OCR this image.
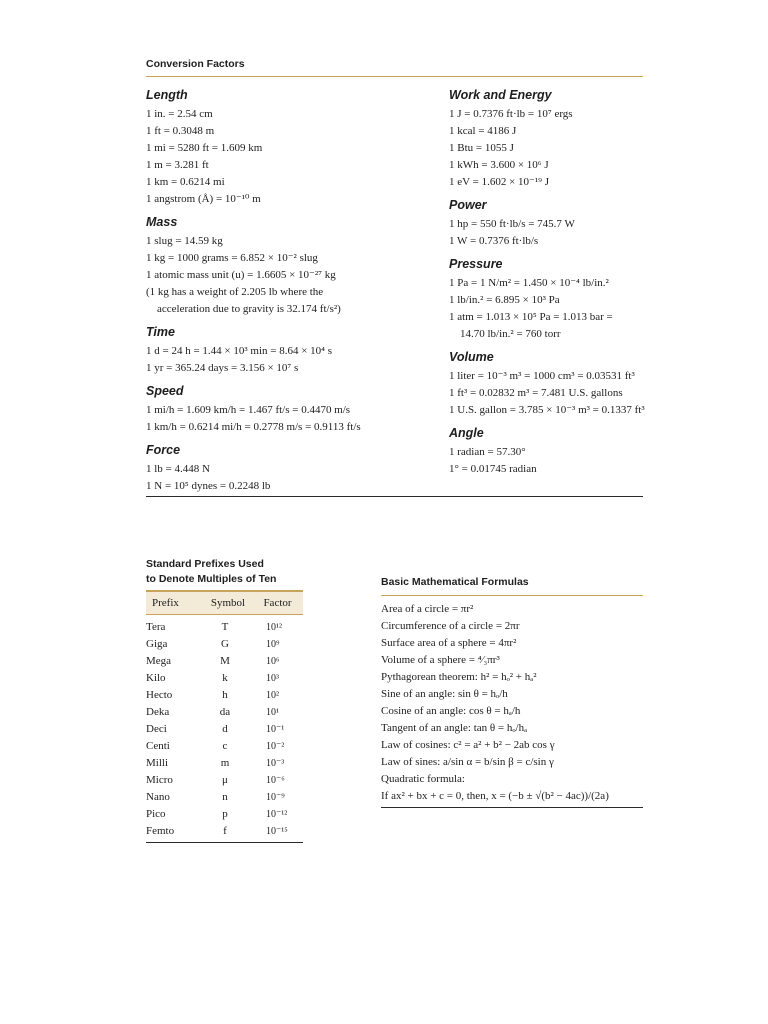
Conversion Factors
Length
1 in. = 2.54 cm
1 ft = 0.3048 m
1 mi = 5280 ft = 1.609 km
1 m = 3.281 ft
1 km = 0.6214 mi
1 angstrom (Å) = 10⁻¹⁰ m
Mass
1 slug = 14.59 kg
1 kg = 1000 grams = 6.852 × 10⁻² slug
1 atomic mass unit (u) = 1.6605 × 10⁻²⁷ kg
(1 kg has a weight of 2.205 lb where the
acceleration due to gravity is 32.174 ft/s²)
Time
1 d = 24 h = 1.44 × 10³ min = 8.64 × 10⁴ s
1 yr = 365.24 days = 3.156 × 10⁷ s
Speed
1 mi/h = 1.609 km/h = 1.467 ft/s = 0.4470 m/s
1 km/h = 0.6214 mi/h = 0.2778 m/s = 0.9113 ft/s
Force
1 lb = 4.448 N
1 N = 10⁵ dynes = 0.2248 lb
Work and Energy
1 J = 0.7376 ft·lb = 10⁷ ergs
1 kcal = 4186 J
1 Btu = 1055 J
1 kWh = 3.600 × 10⁶ J
1 eV = 1.602 × 10⁻¹⁹ J
Power
1 hp = 550 ft·lb/s = 745.7 W
1 W = 0.7376 ft·lb/s
Pressure
1 Pa = 1 N/m² = 1.450 × 10⁻⁴ lb/in.²
1 lb/in.² = 6.895 × 10³ Pa
1 atm = 1.013 × 10⁵ Pa = 1.013 bar =
14.70 lb/in.² = 760 torr
Volume
1 liter = 10⁻³ m³ = 1000 cm³ = 0.03531 ft³
1 ft³ = 0.02832 m³ = 7.481 U.S. gallons
1 U.S. gallon = 3.785 × 10⁻³ m³ = 0.1337 ft³
Angle
1 radian = 57.30°
1° = 0.01745 radian
Standard Prefixes Used
to Denote Multiples of Ten
Prefix	Symbol	Factor
Tera	T	10¹²
Giga	G	10⁹
Mega	M	10⁶
Kilo	k	10³
Hecto	h	10²
Deka	da	10¹
Deci	d	10⁻¹
Centi	c	10⁻²
Milli	m	10⁻³
Micro	μ	10⁻⁶
Nano	n	10⁻⁹
Pico	p	10⁻¹²
Femto	f	10⁻¹⁵
Basic Mathematical Formulas
Area of a circle = πr²
Circumference of a circle = 2πr
Surface area of a sphere = 4πr²
Volume of a sphere = ⁴⁄₃πr³
Pythagorean theorem: h² = hₒ² + hₐ²
Sine of an angle: sin θ = hₒ/h
Cosine of an angle: cos θ = hₐ/h
Tangent of an angle: tan θ = hₒ/hₐ
Law of cosines: c² = a² + b² − 2ab cos γ
Law of sines: a/sin α = b/sin β = c/sin γ
Quadratic formula:
If ax² + bx + c = 0, then, x = (−b ± √(b² − 4ac))/(2a)
